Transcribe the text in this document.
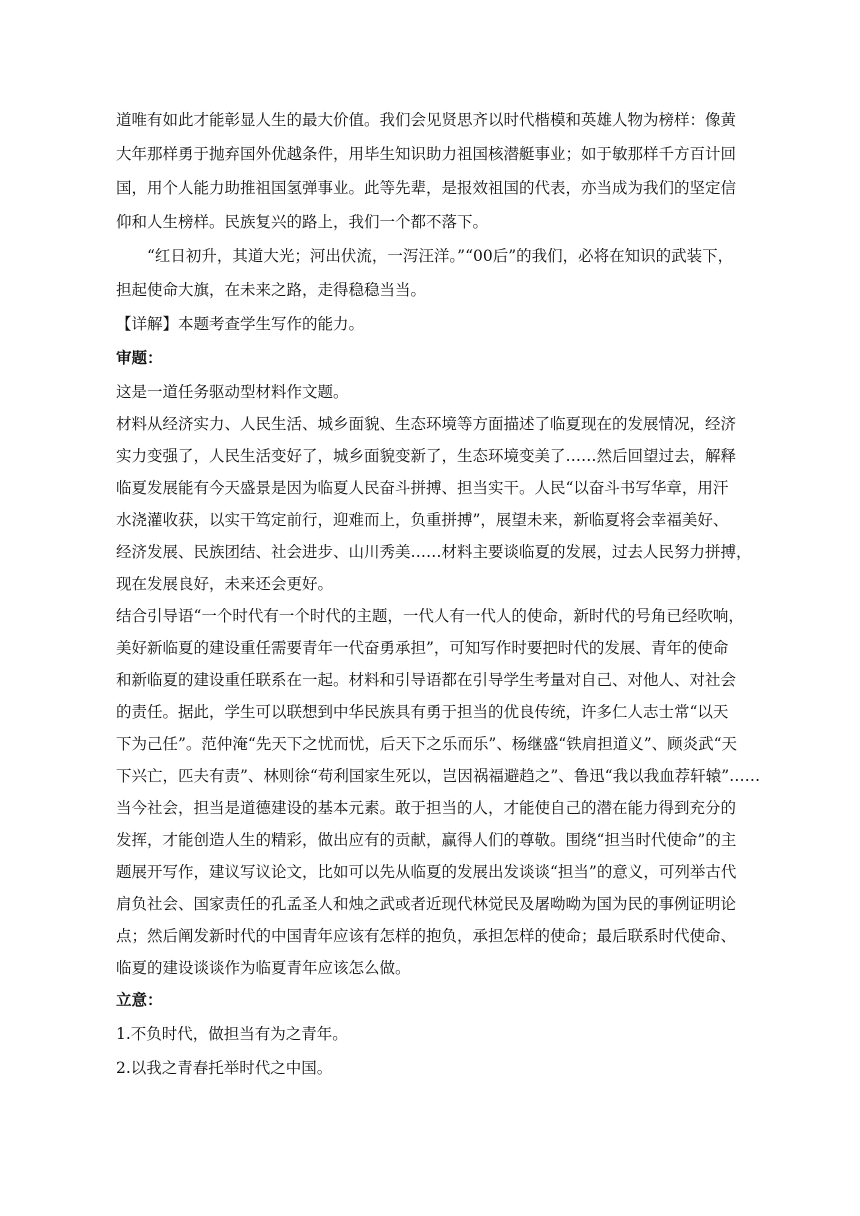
道唯有如此才能彰显人生的最大价值。我们会见贤思齐以时代楷模和英雄人物为榜样：像黄
大年那样勇于抛弃国外优越条件，用毕生知识助力祖国核潜艇事业；如于敏那样千方百计回
国，用个人能力助推祖国氢弹事业。此等先辈，是报效祖国的代表，亦当成为我们的坚定信
仰和人生榜样。民族复兴的路上，我们一个都不落下。
“红日初升，其道大光；河出伏流，一泻汪洋。”“00后”的我们，必将在知识的武装下，
担起使命大旗，在未来之路，走得稳稳当当。
【详解】本题考查学生写作的能力。
审题：
这是一道任务驱动型材料作文题。
材料从经济实力、人民生活、城乡面貌、生态环境等方面描述了临夏现在的发展情况，经济
实力变强了，人民生活变好了，城乡面貌变新了，生态环境变美了……然后回望过去，解释
临夏发展能有今天盛景是因为临夏人民奋斗拼搏、担当实干。人民“以奋斗书写华章，用汗
水浇灌收获，以实干笃定前行，迎难而上，负重拼搏”，展望未来，新临夏将会幸福美好、
经济发展、民族团结、社会进步、山川秀美……材料主要谈临夏的发展，过去人民努力拼搏，
现在发展良好，未来还会更好。
结合引导语“一个时代有一个时代的主题，一代人有一代人的使命，新时代的号角已经吹响，
美好新临夏的建设重任需要青年一代奋勇承担”，可知写作时要把时代的发展、青年的使命
和新临夏的建设重任联系在一起。材料和引导语都在引导学生考量对自己、对他人、对社会
的责任。据此，学生可以联想到中华民族具有勇于担当的优良传统，许多仁人志士常“以天
下为己任”。范仲淹“先天下之忧而忧，后天下之乐而乐”、杨继盛“铁肩担道义”、顾炎武“天
下兴亡，匹夫有责”、林则徐“苟利国家生死以，岂因祸福避趋之”、鲁迅“我以我血荐轩辕”……
当今社会，担当是道德建设的基本元素。敢于担当的人，才能使自己的潜在能力得到充分的
发挥，才能创造人生的精彩，做出应有的贡献，赢得人们的尊敬。围绕“担当时代使命”的主
题展开写作，建议写议论文，比如可以先从临夏的发展出发谈谈“担当”的意义，可列举古代
肩负社会、国家责任的孔孟圣人和烛之武或者近现代林觉民及屠呦呦为国为民的事例证明论
点；然后阐发新时代的中国青年应该有怎样的抱负，承担怎样的使命；最后联系时代使命、
临夏的建设谈谈作为临夏青年应该怎么做。
立意：
1.不负时代，做担当有为之青年。
2.以我之青春托举时代之中国。
